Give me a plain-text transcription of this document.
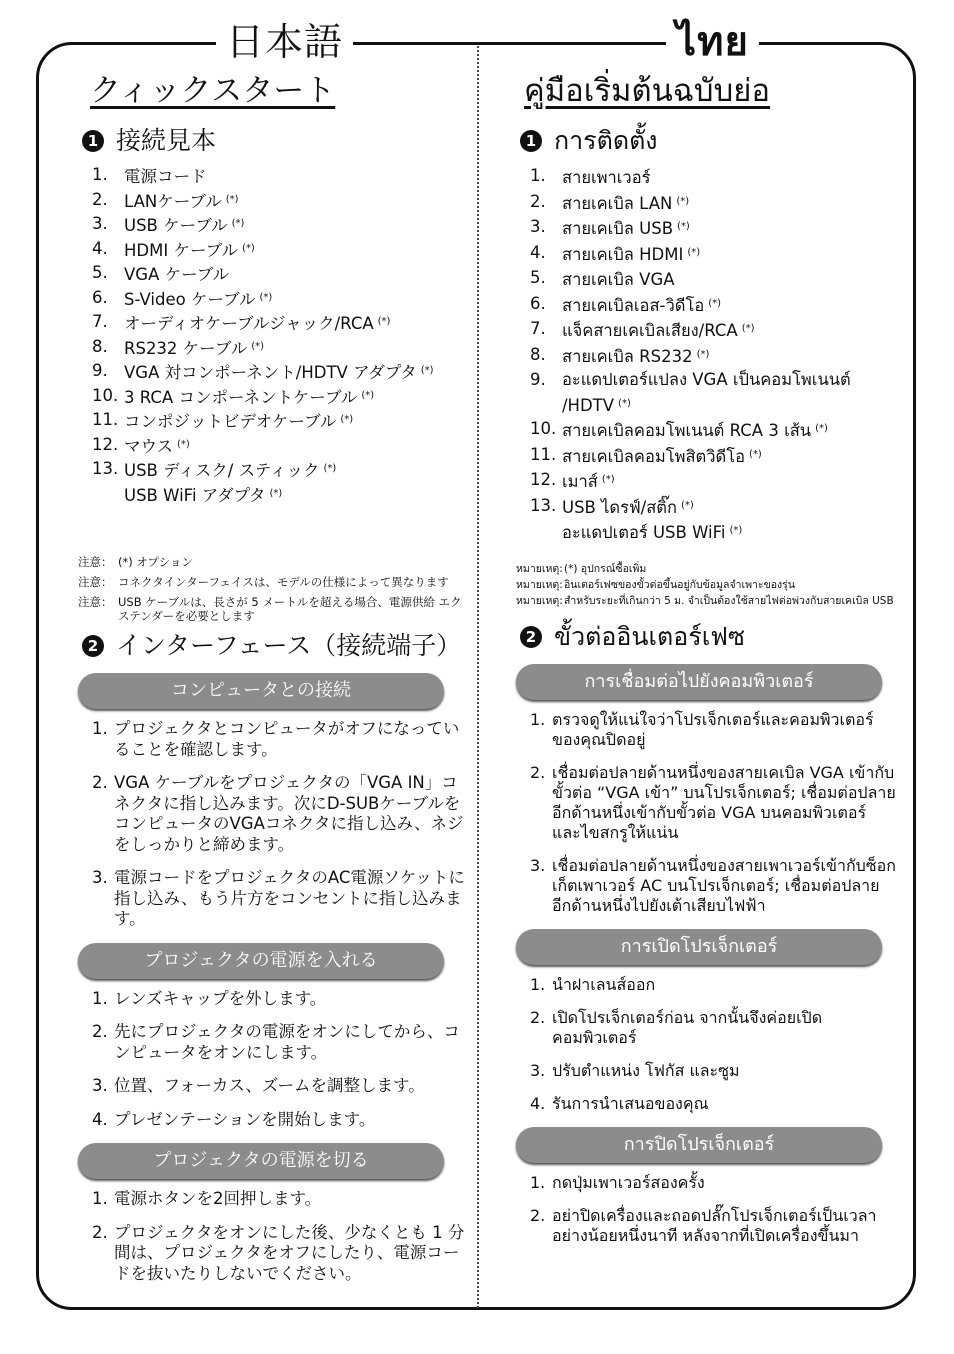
日本語	ไทย
クィックスタート
1 接続見本
1. 電源コード
2. LANケーブル (*)
3. USB ケーブル (*)
4. HDMI ケーブル (*)
5. VGA ケーブル
6. S-Video ケーブル (*)
7. オーディオケーブルジャック/RCA (*)
8. RS232 ケーブル (*)
9. VGA 対コンポーネント/HDTV アダプタ (*)
10. 3 RCA コンポーネントケーブル (*)
11. コンポジットビデオケーブル (*)
12. マウス (*)
13. USB ディスク/ スティック (*)
USB WiFi アダプタ (*)
注意： (*) オプション
注意： コネクタインターフェイスは、モデルの仕様によって異なります
注意： USB ケーブルは、長さが 5 メートルを超える場合、電源供給 エクステンダーを必要とします
2 インターフェース（接続端子）
コンピュータとの接続
1. プロジェクタとコンピュータがオフになっていることを確認します。
2. VGA ケーブルをプロジェクタの「VGA IN」コネクタに指し込みます。次にD-SUBケーブルをコンピュータのVGAコネクタに指し込み、ネジをしっかりと締めます。
3. 電源コードをプロジェクタのAC電源ソケットに指し込み、もう片方をコンセントに指し込みます。
プロジェクタの電源を入れる
1. レンズキャップを外します。
2. 先にプロジェクタの電源をオンにしてから、コンピュータをオンにします。
3. 位置、フォーカス、ズームを調整します。
4. プレゼンテーションを開始します。
プロジェクタの電源を切る
1. 電源ホタンを2回押します。
2. プロジェクタをオンにした後、少なくとも 1 分間は、プロジェクタをオフにしたり、電源コードを抜いたりしないでください。
คู่มือเริ่มต้นฉบับย่อ
1 การติดตั้ง
1. สายเพาเวอร์
2. สายเคเบิล LAN (*)
3. สายเคเบิล USB (*)
4. สายเคเบิล HDMI (*)
5. สายเคเบิล VGA
6. สายเคเบิลเอส-วิดีโอ (*)
7. แจ็คสายเคเบิลเสียง/RCA (*)
8. สายเคเบิล RS232 (*)
9. อะแดปเตอร์แปลง VGA เป็นคอมโพเนนต์ /HDTV (*)
10. สายเคเบิลคอมโพเนนต์ RCA 3 เส้น (*)
11. สายเคเบิลคอมโพสิตวิดีโอ (*)
12. เมาส์ (*)
13. USB ไดรฟ์/สติ๊ก (*)
อะแดปเตอร์ USB WiFi (*)
หมายเหตุ: (*) อุปกรณ์ซื้อเพิ่ม
หมายเหตุ: อินเตอร์เฟซของขั้วต่อขึ้นอยู่กับข้อมูลจำเพาะของรุ่น
หมายเหตุ: สำหรับระยะที่เกินกว่า 5 ม. จำเป็นต้องใช้สายไฟต่อพ่วงกับสายเคเบิล USB
2 ขั้วต่ออินเตอร์เฟซ
การเชื่อมต่อไปยังคอมพิวเตอร์
1. ตรวจดูให้แน่ใจว่าโปรเจ็กเตอร์และคอมพิวเตอร์ของคุณปิดอยู่
2. เชื่อมต่อปลายด้านหนึ่งของสายเคเบิล VGA เข้ากับขั้วต่อ “VGA เข้า” บนโปรเจ็กเตอร์; เชื่อมต่อปลายอีกด้านหนึ่งเข้ากับขั้วต่อ VGA บนคอมพิวเตอร์ และไขสกรูให้แน่น
3. เชื่อมต่อปลายด้านหนึ่งของสายเพาเวอร์เข้ากับซ็อกเก็ตเพาเวอร์ AC บนโปรเจ็กเตอร์; เชื่อมต่อปลายอีกด้านหนึ่งไปยังเต้าเสียบไฟฟ้า
การเปิดโปรเจ็กเตอร์
1. นำฝาเลนส์ออก
2. เปิดโปรเจ็กเตอร์ก่อน จากนั้นจึงค่อยเปิดคอมพิวเตอร์
3. ปรับตำแหน่ง โฟกัส และซูม
4. รันการนำเสนอของคุณ
การปิดโปรเจ็กเตอร์
1. กดปุ่มเพาเวอร์สองครั้ง
2. อย่าปิดเครื่องและถอดปลั๊กโปรเจ็กเตอร์เป็นเวลาอย่างน้อยหนึ่งนาที หลังจากที่เปิดเครื่องขึ้นมา
